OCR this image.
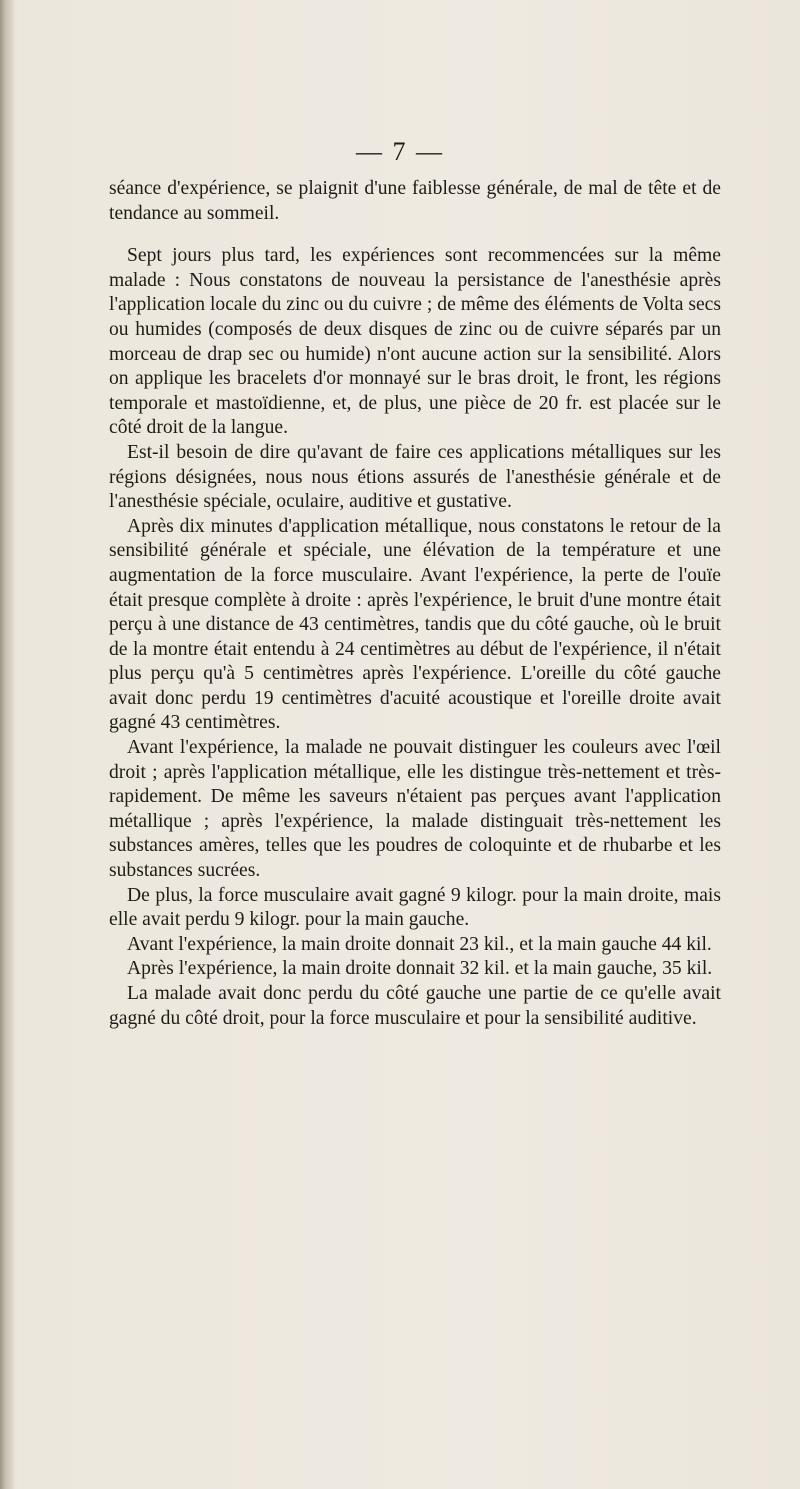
— 7 —

séance d'expérience, se plaignit d'une faiblesse générale, de mal de tête et de tendance au sommeil.

Sept jours plus tard, les expériences sont recommencées sur la même malade : Nous constatons de nouveau la persistance de l'anesthésie après l'application locale du zinc ou du cuivre ; de même des éléments de Volta secs ou humides (composés de deux disques de zinc ou de cuivre séparés par un morceau de drap sec ou humide) n'ont aucune action sur la sensibilité. Alors on applique les bracelets d'or monnayé sur le bras droit, le front, les régions temporale et mastoïdienne, et, de plus, une pièce de 20 fr. est placée sur le côté droit de la langue.

Est-il besoin de dire qu'avant de faire ces applications métalliques sur les régions désignées, nous nous étions assurés de l'anesthésie générale et de l'anesthésie spéciale, oculaire, auditive et gustative.

Après dix minutes d'application métallique, nous constatons le retour de la sensibilité générale et spéciale, une élévation de la température et une augmentation de la force musculaire. Avant l'expérience, la perte de l'ouïe était presque complète à droite : après l'expérience, le bruit d'une montre était perçu à une distance de 43 centimètres, tandis que du côté gauche, où le bruit de la montre était entendu à 24 centimètres au début de l'expérience, il n'était plus perçu qu'à 5 centimètres après l'expérience. L'oreille du côté gauche avait donc perdu 19 centimètres d'acuité acoustique et l'oreille droite avait gagné 43 centimètres.

Avant l'expérience, la malade ne pouvait distinguer les couleurs avec l'œil droit ; après l'application métallique, elle les distingue très-nettement et très-rapidement. De même les saveurs n'étaient pas perçues avant l'application métallique ; après l'expérience, la malade distinguait très-nettement les substances amères, telles que les poudres de coloquinte et de rhubarbe et les substances sucrées.

De plus, la force musculaire avait gagné 9 kilogr. pour la main droite, mais elle avait perdu 9 kilogr. pour la main gauche.

Avant l'expérience, la main droite donnait 23 kil., et la main gauche 44 kil.

Après l'expérience, la main droite donnait 32 kil. et la main gauche, 35 kil.

La malade avait donc perdu du côté gauche une partie de ce qu'elle avait gagné du côté droit, pour la force musculaire et pour la sensibilité auditive.
